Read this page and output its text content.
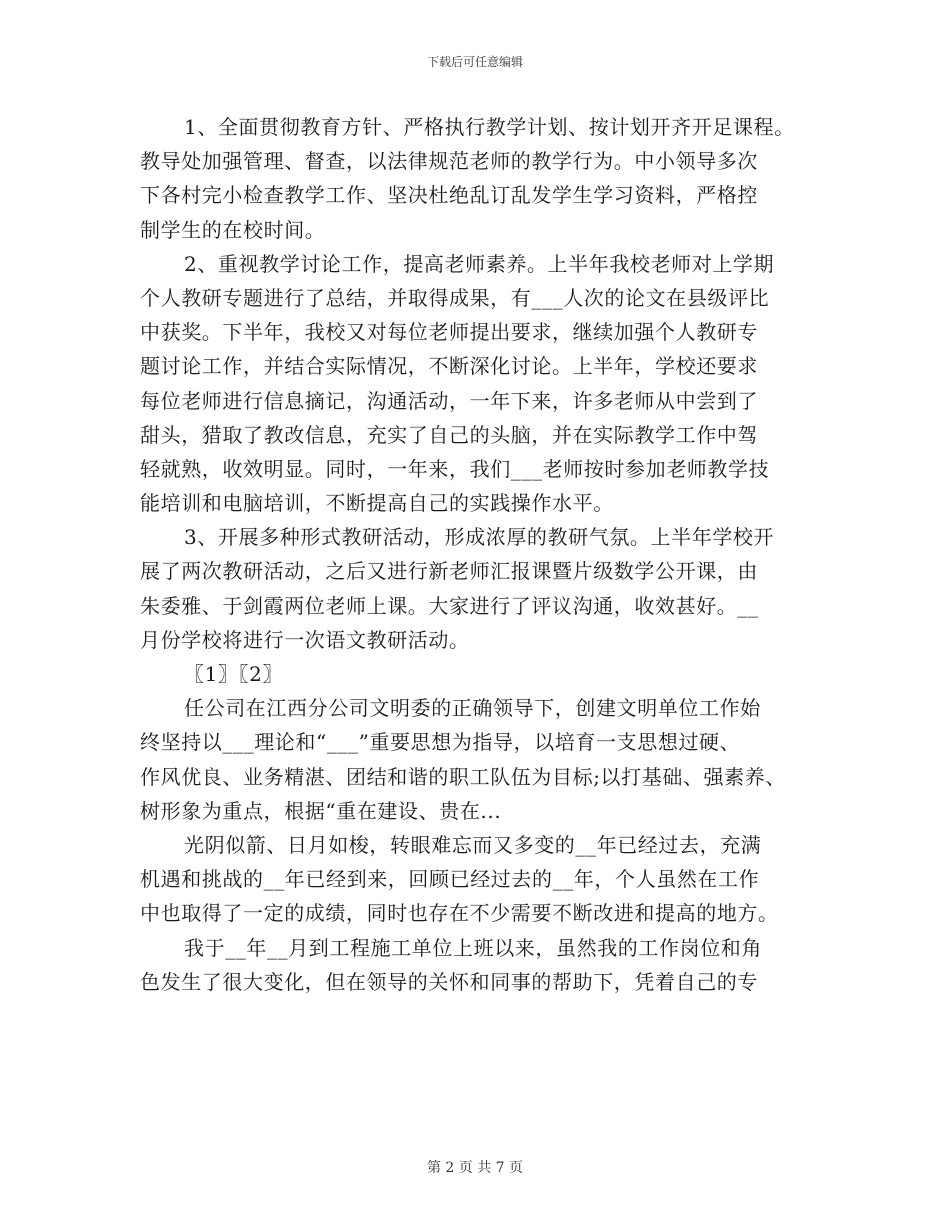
下载后可任意编辑
1、全面贯彻教育方针、严格执行教学计划、按计划开齐开足课程。
教导处加强管理、督查，以法律规范老师的教学行为。中小领导多次
下各村完小检查教学工作、坚决杜绝乱订乱发学生学习资料，严格控
制学生的在校时间。
2、重视教学讨论工作，提高老师素养。上半年我校老师对上学期
个人教研专题进行了总结，并取得成果，有___人次的论文在县级评比
中获奖。下半年，我校又对每位老师提出要求，继续加强个人教研专
题讨论工作，并结合实际情况，不断深化讨论。上半年，学校还要求
每位老师进行信息摘记，沟通活动，一年下来，许多老师从中尝到了
甜头，猎取了教改信息，充实了自己的头脑，并在实际教学工作中驾
轻就熟，收效明显。同时，一年来，我们___老师按时参加老师教学技
能培训和电脑培训，不断提高自己的实践操作水平。
3、开展多种形式教研活动，形成浓厚的教研气氛。上半年学校开
展了两次教研活动，之后又进行新老师汇报课暨片级数学公开课，由
朱委雅、于剑霞两位老师上课。大家进行了评议沟通，收效甚好。__
月份学校将进行一次语文教研活动。
〖1〗〖2〗
任公司在江西分公司文明委的正确领导下，创建文明单位工作始
终坚持以___理论和“___”重要思想为指导，以培育一支思想过硬、
作风优良、业务精湛、团结和谐的职工队伍为目标;以打基础、强素养、
树形象为重点，根据“重在建设、贵在...
光阴似箭、日月如梭，转眼难忘而又多变的__年已经过去，充满
机遇和挑战的__年已经到来，回顾已经过去的__年，个人虽然在工作
中也取得了一定的成绩，同时也存在不少需要不断改进和提高的地方。
我于__年__月到工程施工单位上班以来，虽然我的工作岗位和角
色发生了很大变化，但在领导的关怀和同事的帮助下，凭着自己的专
第 2 页 共 7 页
